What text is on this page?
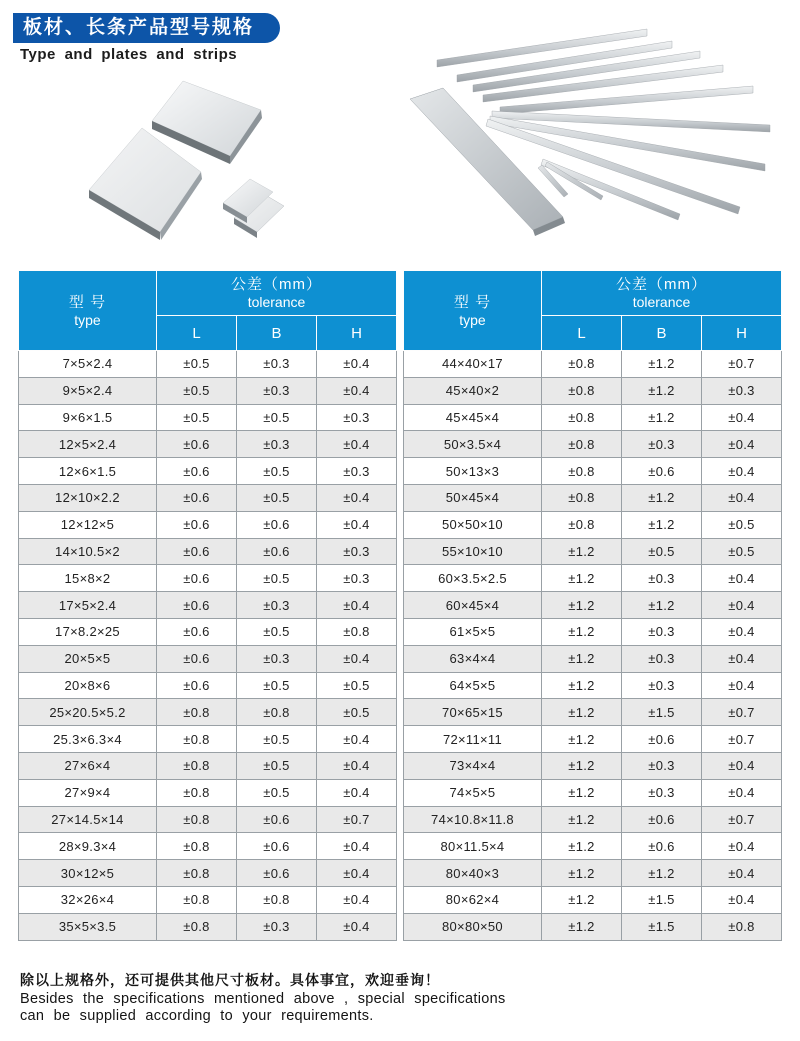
板材、长条产品型号规格
Type and plates and strips
型 号
type

公差（mm）
tolerance

	L	B	H
7×5×2.4	±0.5	±0.3	±0.4
9×5×2.4	±0.5	±0.3	±0.4
9×6×1.5	±0.5	±0.5	±0.3
12×5×2.4	±0.6	±0.3	±0.4
12×6×1.5	±0.6	±0.5	±0.3
12×10×2.2	±0.6	±0.5	±0.4
12×12×5	±0.6	±0.6	±0.4
14×10.5×2	±0.6	±0.6	±0.3
15×8×2	±0.6	±0.5	±0.3
17×5×2.4	±0.6	±0.3	±0.4
17×8.2×25	±0.6	±0.5	±0.8
20×5×5	±0.6	±0.3	±0.4
20×8×6	±0.6	±0.5	±0.5
25×20.5×5.2	±0.8	±0.8	±0.5
25.3×6.3×4	±0.8	±0.5	±0.4
27×6×4	±0.8	±0.5	±0.4
27×9×4	±0.8	±0.5	±0.4
27×14.5×14	±0.8	±0.6	±0.7
28×9.3×4	±0.8	±0.6	±0.4
30×12×5	±0.8	±0.6	±0.4
32×26×4	±0.8	±0.8	±0.4
35×5×3.5	±0.8	±0.3	±0.4
型 号
type

公差（mm）
tolerance

	L	B	H
44×40×17	±0.8	±1.2	±0.7
45×40×2	±0.8	±1.2	±0.3
45×45×4	±0.8	±1.2	±0.4
50×3.5×4	±0.8	±0.3	±0.4
50×13×3	±0.8	±0.6	±0.4
50×45×4	±0.8	±1.2	±0.4
50×50×10	±0.8	±1.2	±0.5
55×10×10	±1.2	±0.5	±0.5
60×3.5×2.5	±1.2	±0.3	±0.4
60×45×4	±1.2	±1.2	±0.4
61×5×5	±1.2	±0.3	±0.4
63×4×4	±1.2	±0.3	±0.4
64×5×5	±1.2	±0.3	±0.4
70×65×15	±1.2	±1.5	±0.7
72×11×11	±1.2	±0.6	±0.7
73×4×4	±1.2	±0.3	±0.4
74×5×5	±1.2	±0.3	±0.4
74×10.8×11.8	±1.2	±0.6	±0.7
80×11.5×4	±1.2	±0.6	±0.4
80×40×3	±1.2	±1.2	±0.4
80×62×4	±1.2	±1.5	±0.4
80×80×50	±1.2	±1.5	±0.8
除以上规格外，还可提供其他尺寸板材。具体事宜，欢迎垂询！
Besides the specifications mentioned above , special specifications
can be supplied according to your requirements.
